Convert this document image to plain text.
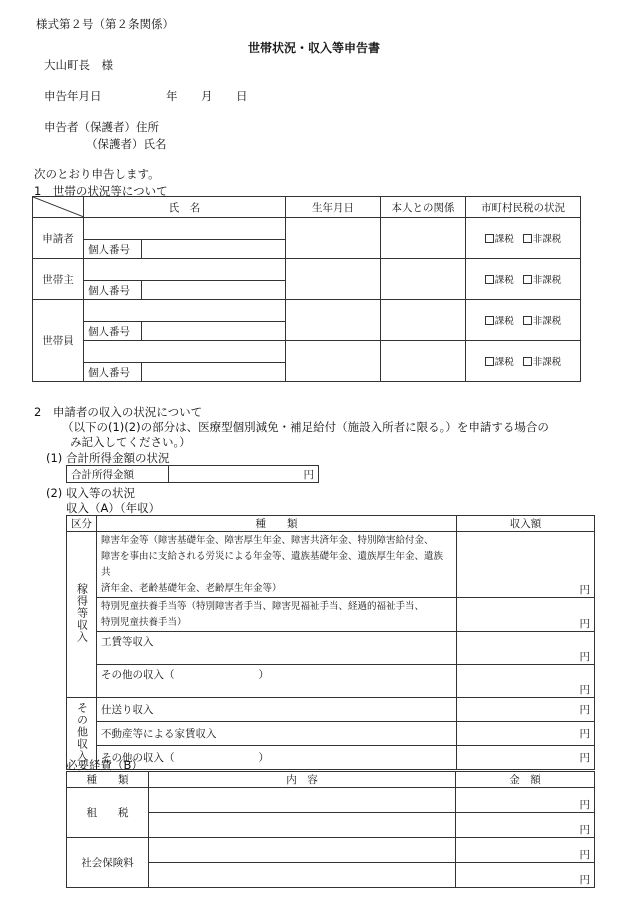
様式第２号（第２条関係）
世帯状況・収入等申告書
大山町長　様
申告年月日	年 月 日
申告者（保護者）住所
（保護者）氏名
次のとおり申告します。
1　世帯の状況等について
	氏　名		生年月日	本人との関係	市町村民税の状況
申請者					課税 非課税
	個人番号				
世帯主					課税 非課税
	個人番号				
世帯員					課税 非課税
	個人番号				
					課税 非課税
	個人番号				
2　申請者の収入の状況について
（以下の(1)(2)の部分は、医療型個別減免・補足給付（施設入所者に限る。）を申請する場合の
み記入してください。）
(1) 合計所得金額の状況
合計所得金額	円
(2) 収入等の状況
収入（A）（年収）
区分	種　　類	収入額
稼得等収入	障害年金等（障害基礎年金、障害厚生年金、障害共済年金、特別障害給付金、
障害を事由に支給される労災による年金等、遺族基礎年金、遺族厚生年金、遺族共
済年金、老齢基礎年金、老齢厚生年金等）	円

	特別児童扶養手当等（特別障害者手当、障害児福祉手当、経過的福祉手当、
特別児童扶養手当）	円
	工賃等収入	円
	その他の収入（　　　　　　　　）	円
その他収入	仕送り収入	円
	不動産等による家賃収入	円
	その他の収入（　　　　　　　　）	円
必要経費（B）
種　　類	内　容	金　額
租　　税		円
		円
社会保険料		円
		円
